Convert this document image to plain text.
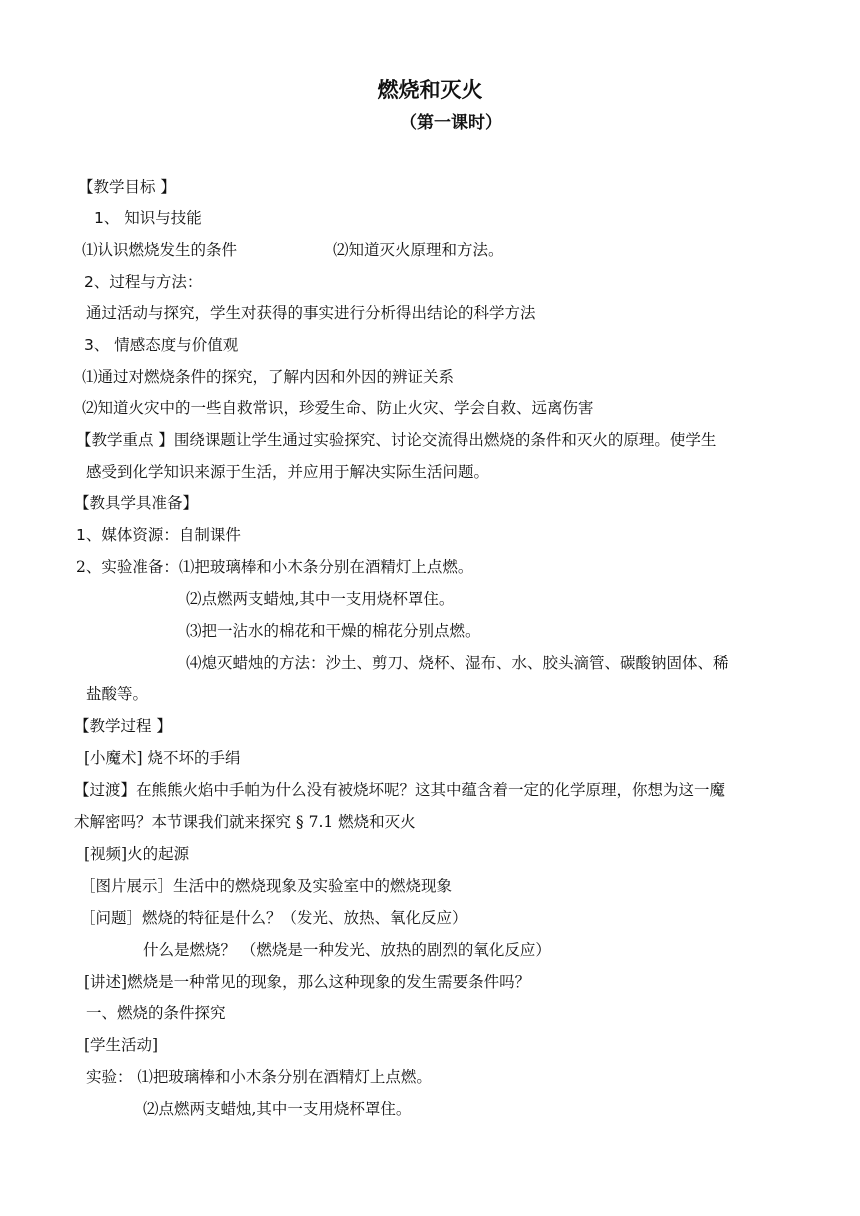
燃烧和灭火
（第一课时）
【教学目标 】
1、 知识与技能
⑴认识燃烧发生的条件	⑵知道灭火原理和方法。
2、过程与方法：
通过活动与探究，学生对获得的事实进行分析得出结论的科学方法
3、 情感态度与价值观
⑴通过对燃烧条件的探究，了解内因和外因的辨证关系
⑵知道火灾中的一些自救常识，珍爱生命、防止火灾、学会自救、远离伤害
【教学重点 】围绕课题让学生通过实验探究、讨论交流得出燃烧的条件和灭火的原理。使学生
感受到化学知识来源于生活，并应用于解决实际生活问题。
【教具学具准备】
1、媒体资源：自制课件
2、实验准备：⑴把玻璃棒和小木条分别在酒精灯上点燃。
⑵点燃两支蜡烛,其中一支用烧杯罩住。
⑶把一沾水的棉花和干燥的棉花分别点燃。
⑷熄灭蜡烛的方法：沙土、剪刀、烧杯、湿布、水、胶头滴管、碳酸钠固体、稀
盐酸等。
【教学过程 】
[小魔术] 烧不坏的手绢
【过渡】在熊熊火焰中手帕为什么没有被烧坏呢？这其中蕴含着一定的化学原理，你想为这一魔
术解密吗？本节课我们就来探究 § 7.1 燃烧和灭火
[视频]火的起源
［图片展示］生活中的燃烧现象及实验室中的燃烧现象
［问题］燃烧的特征是什么？（发光、放热、氧化反应）
什么是燃烧？ （燃烧是一种发光、放热的剧烈的氧化反应）
[讲述]燃烧是一种常见的现象，那么这种现象的发生需要条件吗？
一、燃烧的条件探究
[学生活动]
实验： ⑴把玻璃棒和小木条分别在酒精灯上点燃。
⑵点燃两支蜡烛,其中一支用烧杯罩住。
